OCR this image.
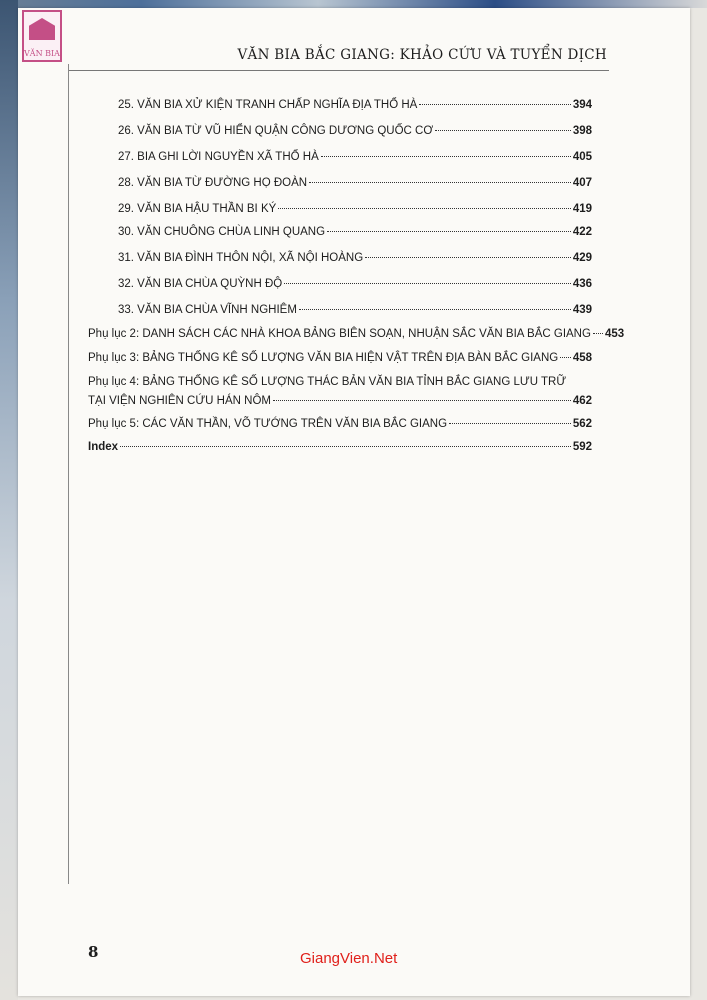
VĂN BIA	VĂN BIA BẮC GIANG: KHẢO CỨU VÀ TUYỂN DỊCH
25. VĂN BIA XỬ KIỆN TRANH CHẤP NGHĨA ĐỊA THỔ HÀ	394
26. VĂN BIA TỪ VŨ HIỂN QUẬN CÔNG DƯƠNG QUỐC CƠ	398
27. BIA GHI LỜI NGUYỀN XÃ THỔ HÀ	405
28. VĂN BIA TỪ ĐƯỜNG HỌ ĐOÀN	407
29. VĂN BIA HẬU THẦN BI KÝ	419
30. VĂN CHUÔNG CHÙA LINH QUANG	422
31. VĂN BIA ĐÌNH THÔN NỘI, XÃ NỘI HOÀNG	429
32. VĂN BIA CHÙA QUỲNH ĐỘ	436
33. VĂN BIA CHÙA VĨNH NGHIÊM	439
Phụ lục 2: DANH SÁCH CÁC NHÀ KHOA BẢNG BIÊN SOẠN, NHUẬN SẮC VĂN BIA BẮC GIANG 453
Phụ lục 3: BẢNG THỐNG KÊ SỐ LƯỢNG VĂN BIA HIỆN VẬT TRÊN ĐỊA BÀN BẮC GIANG 458
Phụ lục 4: BẢNG THỐNG KÊ SỐ LƯỢNG THÁC BẢN VĂN BIA TỈNH BẮC GIANG LƯU TRỮ
TẠI VIỆN NGHIÊN CỨU HÁN NÔM	462
Phụ lục 5: CÁC VĂN THẦN, VÕ TƯỚNG TRÊN VĂN BIA BẮC GIANG	562
Index	592
8	GiangVien.Net
